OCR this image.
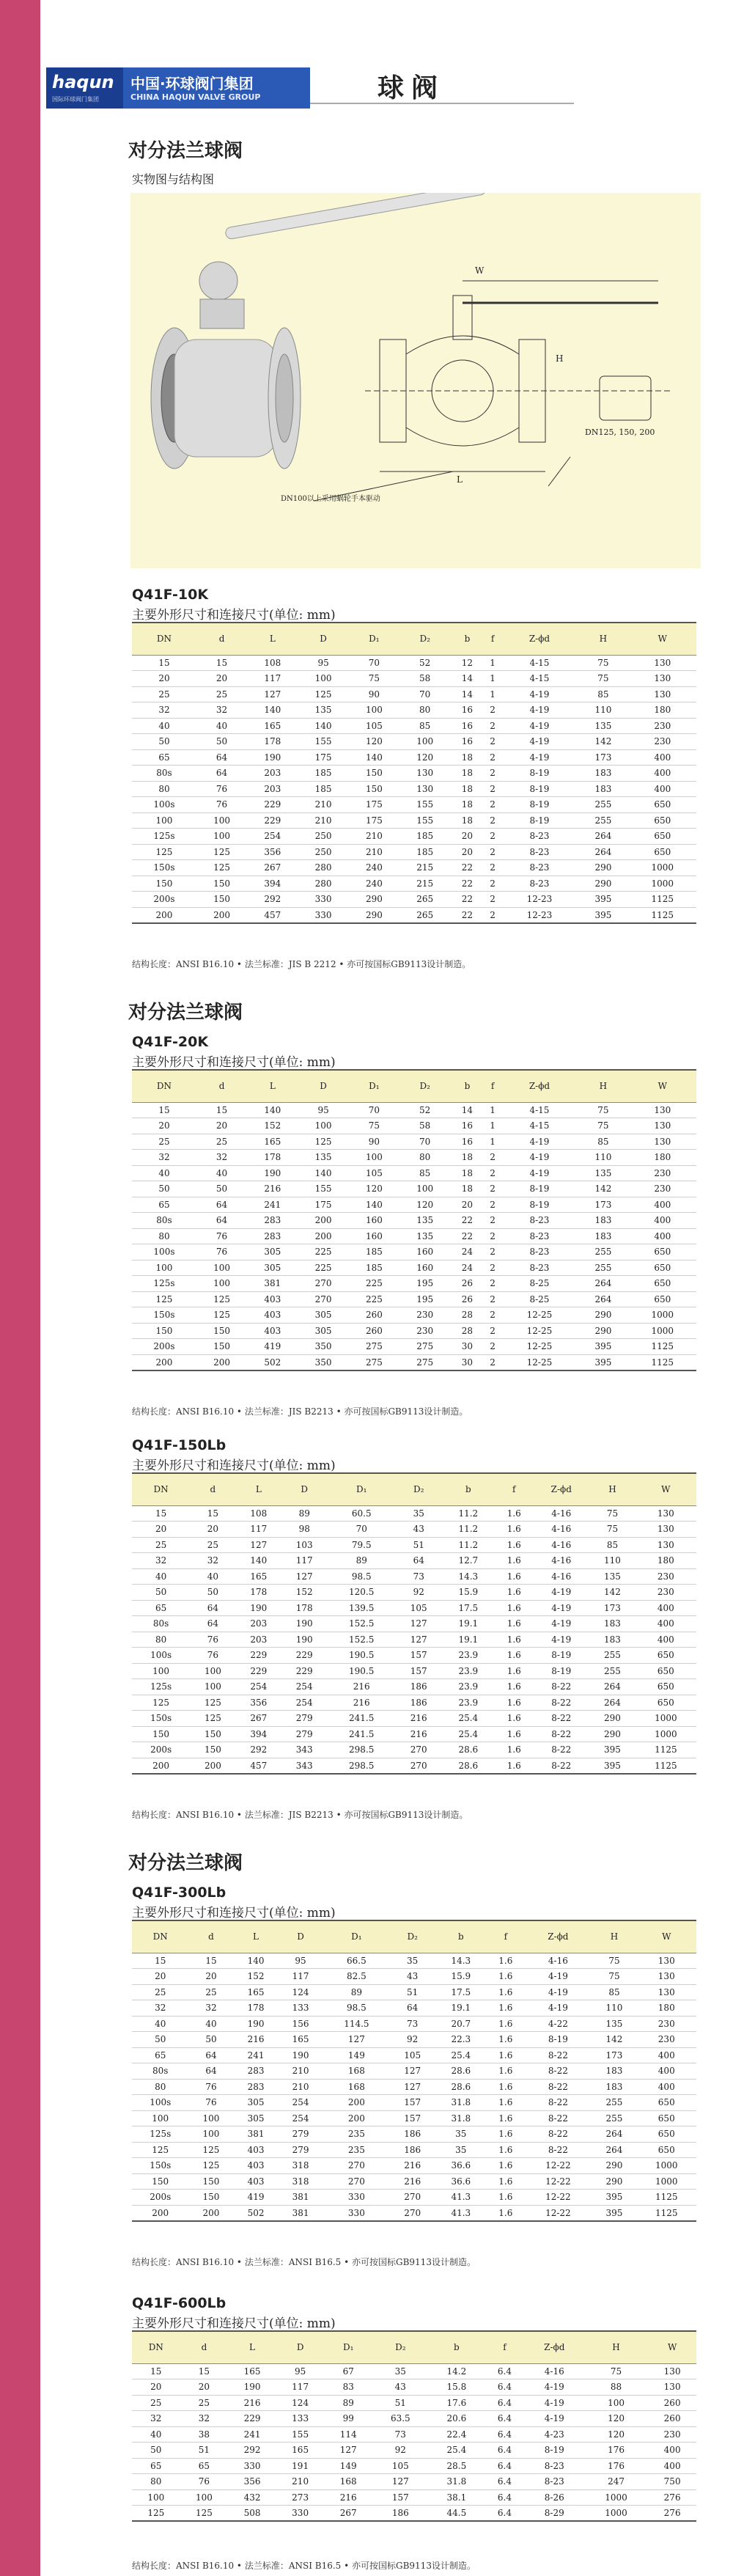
haqun
国际环球阀门集团
中国·环球阀门集团
CHINA HAQUN VALVE GROUP	球阀
对分法兰球阀
实物图与结构图
W
L
H
DN100以上采用蜗轮手本驱动
DN125, 150, 200
Q41F-10K
主要外形尺寸和连接尺寸(单位: mm)
DN	d	L	D	D₁	D₂	b	f	Z-ϕd	H	W
15	15	108	95	70	52	12	1	4-15	75	130
20	20	117	100	75	58	14	1	4-15	75	130
25	25	127	125	90	70	14	1	4-19	85	130
32	32	140	135	100	80	16	2	4-19	110	180
40	40	165	140	105	85	16	2	4-19	135	230
50	50	178	155	120	100	16	2	4-19	142	230
65	64	190	175	140	120	18	2	4-19	173	400
80s	64	203	185	150	130	18	2	8-19	183	400
80	76	203	185	150	130	18	2	8-19	183	400
100s	76	229	210	175	155	18	2	8-19	255	650
100	100	229	210	175	155	18	2	8-19	255	650
125s	100	254	250	210	185	20	2	8-23	264	650
125	125	356	250	210	185	20	2	8-23	264	650
150s	125	267	280	240	215	22	2	8-23	290	1000
150	150	394	280	240	215	22	2	8-23	290	1000
200s	150	292	330	290	265	22	2	12-23	395	1125
200	200	457	330	290	265	22	2	12-23	395	1125
结构长度：ANSI B16.10 • 法兰标准：JIS B 2212 • 亦可按国标GB9113设计制造。
对分法兰球阀
Q41F-20K
主要外形尺寸和连接尺寸(单位: mm)
DN	d	L	D	D₁	D₂	b	f	Z-ϕd	H	W
15	15	140	95	70	52	14	1	4-15	75	130
20	20	152	100	75	58	16	1	4-15	75	130
25	25	165	125	90	70	16	1	4-19	85	130
32	32	178	135	100	80	18	2	4-19	110	180
40	40	190	140	105	85	18	2	4-19	135	230
50	50	216	155	120	100	18	2	8-19	142	230
65	64	241	175	140	120	20	2	8-19	173	400
80s	64	283	200	160	135	22	2	8-23	183	400
80	76	283	200	160	135	22	2	8-23	183	400
100s	76	305	225	185	160	24	2	8-23	255	650
100	100	305	225	185	160	24	2	8-23	255	650
125s	100	381	270	225	195	26	2	8-25	264	650
125	125	403	270	225	195	26	2	8-25	264	650
150s	125	403	305	260	230	28	2	12-25	290	1000
150	150	403	305	260	230	28	2	12-25	290	1000
200s	150	419	350	275	275	30	2	12-25	395	1125
200	200	502	350	275	275	30	2	12-25	395	1125
结构长度：ANSI B16.10 • 法兰标准：JIS B2213 • 亦可按国标GB9113设计制造。
Q41F-150Lb
主要外形尺寸和连接尺寸(单位: mm)
DN	d	L	D	D₁	D₂	b	f	Z-ϕd	H	W
15	15	108	89	60.5	35	11.2	1.6	4-16	75	130
20	20	117	98	70	43	11.2	1.6	4-16	75	130
25	25	127	103	79.5	51	11.2	1.6	4-16	85	130
32	32	140	117	89	64	12.7	1.6	4-16	110	180
40	40	165	127	98.5	73	14.3	1.6	4-16	135	230
50	50	178	152	120.5	92	15.9	1.6	4-19	142	230
65	64	190	178	139.5	105	17.5	1.6	4-19	173	400
80s	64	203	190	152.5	127	19.1	1.6	4-19	183	400
80	76	203	190	152.5	127	19.1	1.6	4-19	183	400
100s	76	229	229	190.5	157	23.9	1.6	8-19	255	650
100	100	229	229	190.5	157	23.9	1.6	8-19	255	650
125s	100	254	254	216	186	23.9	1.6	8-22	264	650
125	125	356	254	216	186	23.9	1.6	8-22	264	650
150s	125	267	279	241.5	216	25.4	1.6	8-22	290	1000
150	150	394	279	241.5	216	25.4	1.6	8-22	290	1000
200s	150	292	343	298.5	270	28.6	1.6	8-22	395	1125
200	200	457	343	298.5	270	28.6	1.6	8-22	395	1125
结构长度：ANSI B16.10 • 法兰标准：JIS B2213 • 亦可按国标GB9113设计制造。
对分法兰球阀
Q41F-300Lb
主要外形尺寸和连接尺寸(单位: mm)
DN	d	L	D	D₁	D₂	b	f	Z-ϕd	H	W
15	15	140	95	66.5	35	14.3	1.6	4-16	75	130
20	20	152	117	82.5	43	15.9	1.6	4-19	75	130
25	25	165	124	89	51	17.5	1.6	4-19	85	130
32	32	178	133	98.5	64	19.1	1.6	4-19	110	180
40	40	190	156	114.5	73	20.7	1.6	4-22	135	230
50	50	216	165	127	92	22.3	1.6	8-19	142	230
65	64	241	190	149	105	25.4	1.6	8-22	173	400
80s	64	283	210	168	127	28.6	1.6	8-22	183	400
80	76	283	210	168	127	28.6	1.6	8-22	183	400
100s	76	305	254	200	157	31.8	1.6	8-22	255	650
100	100	305	254	200	157	31.8	1.6	8-22	255	650
125s	100	381	279	235	186	35	1.6	8-22	264	650
125	125	403	279	235	186	35	1.6	8-22	264	650
150s	125	403	318	270	216	36.6	1.6	12-22	290	1000
150	150	403	318	270	216	36.6	1.6	12-22	290	1000
200s	150	419	381	330	270	41.3	1.6	12-22	395	1125
200	200	502	381	330	270	41.3	1.6	12-22	395	1125
结构长度：ANSI B16.10 • 法兰标准：ANSI B16.5 • 亦可按国标GB9113设计制造。
Q41F-600Lb
主要外形尺寸和连接尺寸(单位: mm)
DN	d	L	D	D₁	D₂	b	f	Z-ϕd	H	W
15	15	165	95	67	35	14.2	6.4	4-16	75	130
20	20	190	117	83	43	15.8	6.4	4-19	88	130
25	25	216	124	89	51	17.6	6.4	4-19	100	260
32	32	229	133	99	63.5	20.6	6.4	4-19	120	260
40	38	241	155	114	73	22.4	6.4	4-23	120	230
50	51	292	165	127	92	25.4	6.4	8-19	176	400
65	65	330	191	149	105	28.5	6.4	8-23	176	400
80	76	356	210	168	127	31.8	6.4	8-23	247	750
100	100	432	273	216	157	38.1	6.4	8-26	1000	276
125	125	508	330	267	186	44.5	6.4	8-29	1000	276
结构长度：ANSI B16.10 • 法兰标准：ANSI B16.5 • 亦可按国标GB9113设计制造。
